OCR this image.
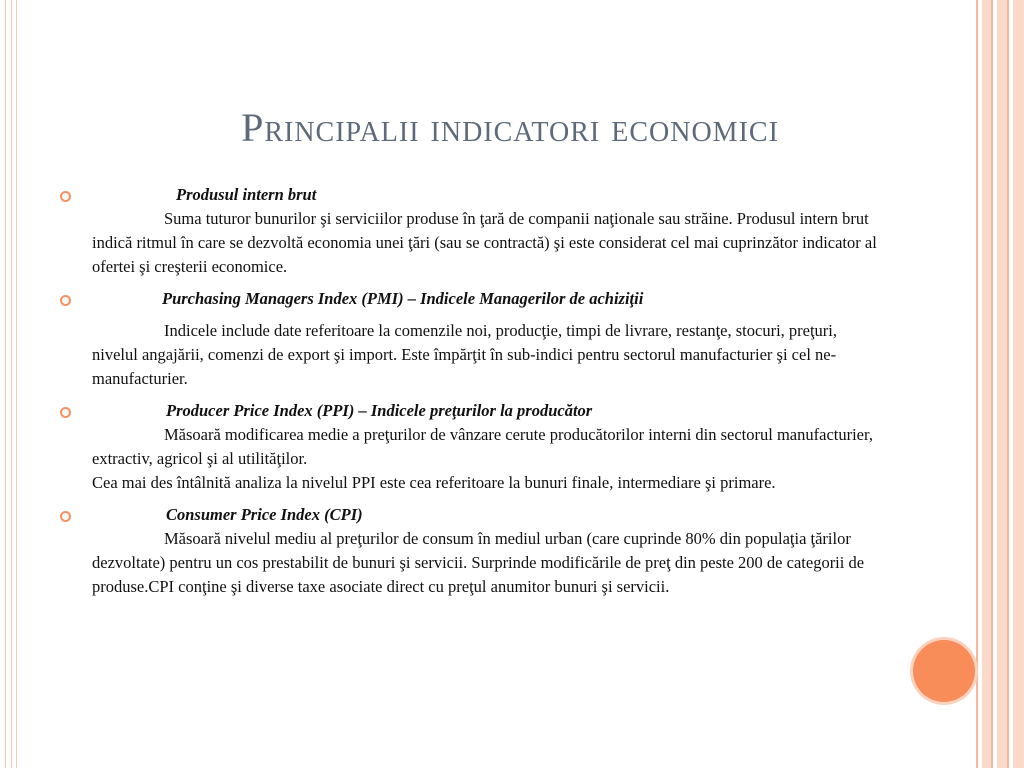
Principalii indicatori economici
Produsul intern brut
Suma tuturor bunurilor şi serviciilor produse în ţară de companii naţionale sau străine. Produsul intern brut indică ritmul în care se dezvoltă economia unei ţări (sau se contractă) şi este considerat cel mai cuprinzător indicator al ofertei şi creşterii economice.
Purchasing Managers Index (PMI) – Indicele Managerilor de achiziţii
Indicele include date referitoare la comenzile noi, producţie, timpi de livrare, restanţe, stocuri, preţuri, nivelul angajării, comenzi de export şi import. Este împărţit în sub-indici pentru sectorul manufacturier şi cel ne-manufacturier.
Producer Price Index (PPI) – Indicele preţurilor la producător
Măsoară modificarea medie a preţurilor de vânzare cerute producătorilor interni din sectorul manufacturier, extractiv, agricol şi al utilităţilor.
Cea mai des întâlnită analiza la nivelul PPI este cea referitoare la bunuri finale, intermediare şi primare.
Consumer Price Index (CPI)
Măsoară nivelul mediu al preţurilor de consum în mediul urban (care cuprinde 80% din populaţia ţărilor dezvoltate) pentru un cos prestabilit de bunuri şi servicii. Surprinde modificările de preţ din peste 200 de categorii de produse.CPI conţine şi diverse taxe asociate direct cu preţul anumitor bunuri şi servicii.
